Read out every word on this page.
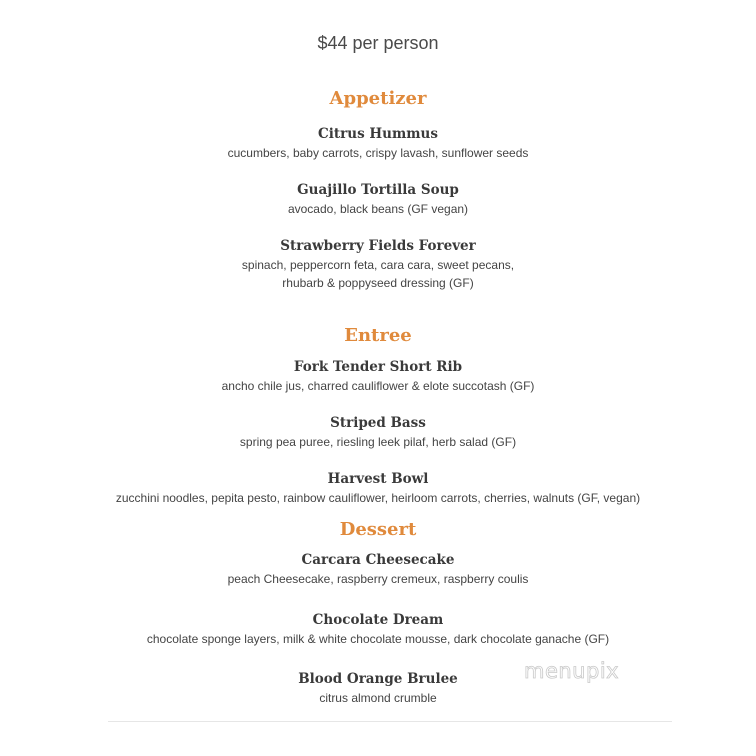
$44 per person
Appetizer
Citrus Hummus
cucumbers, baby carrots, crispy lavash, sunflower seeds
Guajillo Tortilla Soup
avocado, black beans (GF vegan)
Strawberry Fields Forever
spinach, peppercorn feta, cara cara, sweet pecans,
rhubarb & poppyseed dressing (GF)
Entree
Fork Tender Short Rib
ancho chile jus, charred cauliflower & elote succotash (GF)
Striped Bass
spring pea puree, riesling leek pilaf, herb salad (GF)
Harvest Bowl
zucchini noodles, pepita pesto, rainbow cauliflower, heirloom carrots, cherries, walnuts (GF, vegan)
Dessert
Carcara Cheesecake
peach Cheesecake, raspberry cremeux, raspberry coulis
Chocolate Dream
chocolate sponge layers, milk & white chocolate mousse, dark chocolate ganache (GF)
Blood Orange Brulee
citrus almond crumble
menupix
